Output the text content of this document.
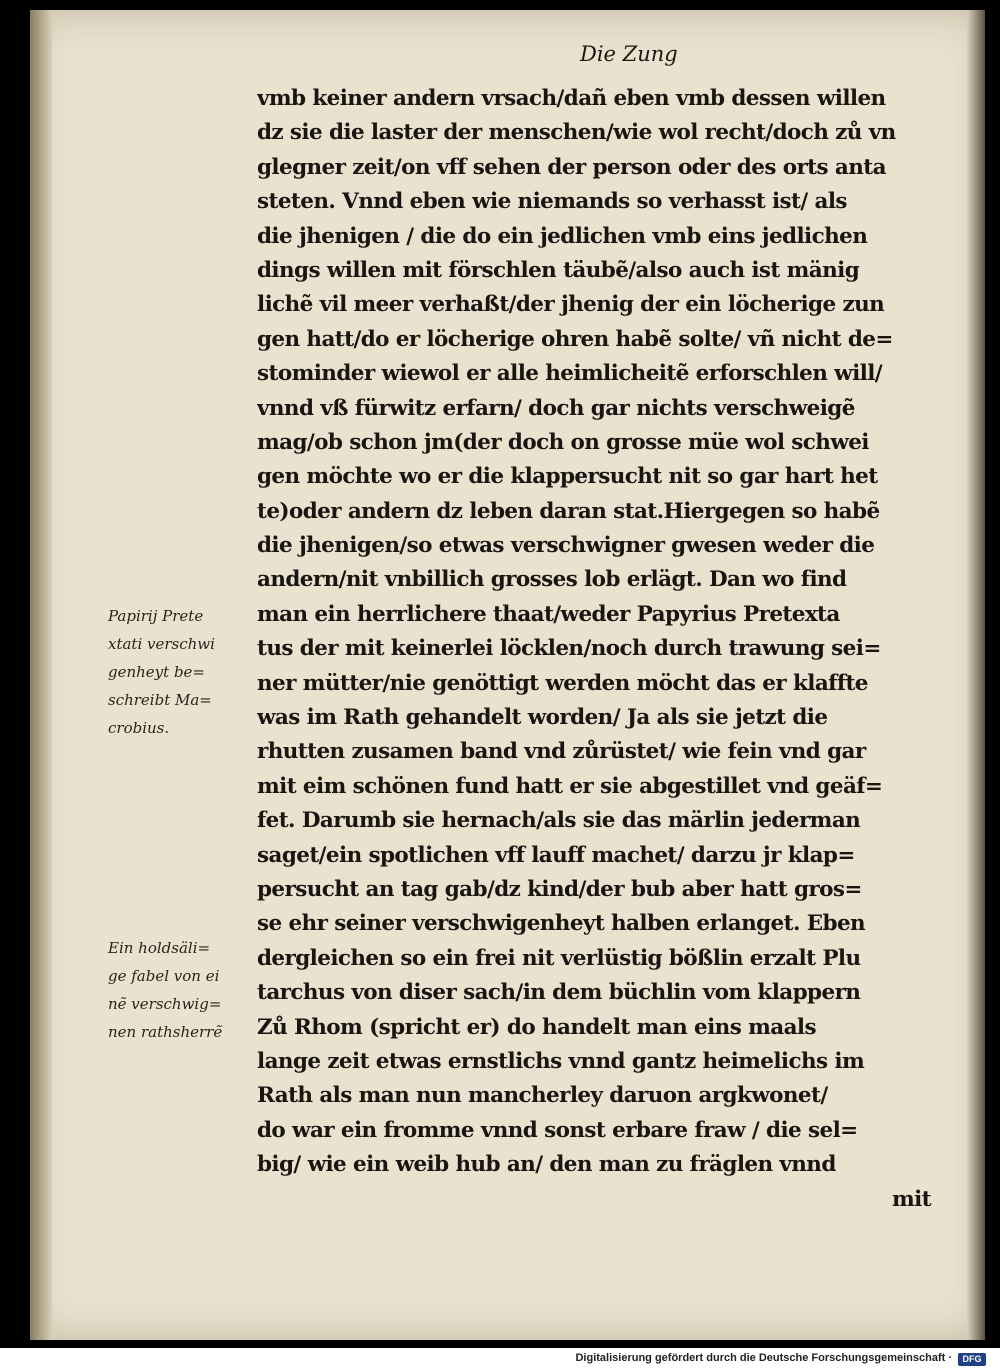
Die Zung
vmb keiner andern vrsach/dañ eben vmb dessen willen
dz sie die laster der menschen/wie wol recht/doch zů vn
glegner zeit/on vff sehen der person oder des orts anta
steten. Vnnd eben wie niemands so verhasst ist/ als
die jhenigen / die do ein jedlichen vmb eins jedlichen
dings willen mit förschlen täubẽ/also auch ist mänig
lichẽ vil meer verhaßt/der jhenig der ein löcherige zun
gen hatt/do er löcherige ohren habẽ solte/ vñ nicht de=
stominder wiewol er alle heimlicheitẽ erforschlen will/
vnnd vß fürwitz erfarn/ doch gar nichts verschweigẽ
mag/ob schon jm(der doch on grosse müe wol schwei
gen möchte wo er die klappersucht nit so gar hart het
te)oder andern dz leben daran stat.Hiergegen so habẽ
die jhenigen/so etwas verschwigner gwesen weder die
andern/nit vnbillich grosses lob erlägt. Dan wo find
man ein herrlichere thaat/weder Papyrius Pretexta
tus der mit keinerlei löcklen/noch durch trawung sei=
ner mütter/nie genöttigt werden möcht das er klaffte
was im Rath gehandelt worden/ Ja als sie jetzt die
rhutten zusamen band vnd zůrüstet/ wie fein vnd gar
mit eim schönen fund hatt er sie abgestillet vnd geäf=
fet. Darumb sie hernach/als sie das märlin jederman
saget/ein spotlichen vff lauff machet/ darzu jr klap=
persucht an tag gab/dz kind/der bub aber hatt gros=
se ehr seiner verschwigenheyt halben erlanget. Eben
dergleichen so ein frei nit verlüstig bößlin erzalt Plu
tarchus von diser sach/in dem büchlin vom klappern
Zů Rhom (spricht er) do handelt man eins maals
lange zeit etwas ernstlichs vnnd gantz heimelichs im
Rath als man nun mancherley daruon argkwonet/
do war ein fromme vnnd sonst erbare fraw / die sel=
big/ wie ein weib hub an/ den man zu fräglen vnnd
mit
Papirij Prete
xtati verschwi
genheyt be=
schreibt Ma=
crobius.
Ein holdsäli=
ge fabel von ei
nẽ verschwig=
nen rathsherrẽ
Digitalisierung gefördert durch die Deutsche Forschungsgemeinschaft ·	DFG
